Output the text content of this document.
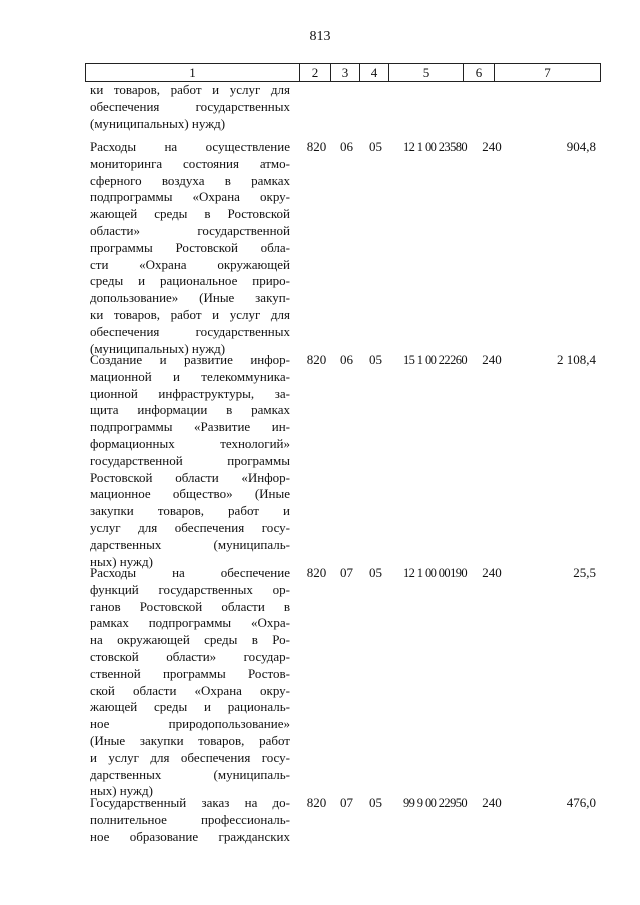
813
1	2	3	4	5	6	7
ки товаров, работ и услуг для
обеспечения государственных
(муниципальных) нужд)
Расходы на осуществление
мониторинга состояния атмо-
сферного воздуха в рамках
подпрограммы «Охрана окру-
жающей среды в Ростовской
области» государственной
программы Ростовской обла-
сти «Охрана окружающей
среды и рациональное приро-
допользование» (Иные закуп-
ки товаров, работ и услуг для
обеспечения государственных
(муниципальных) нужд)
820	06	05	12 1 00 23580	240	904,8
Создание и развитие инфор-
мационной и телекоммуника-
ционной инфраструктуры, за-
щита информации в рамках
подпрограммы «Развитие ин-
формационных технологий»
государственной программы
Ростовской области «Инфор-
мационное общество» (Иные
закупки товаров, работ и
услуг для обеспечения госу-
дарственных (муниципаль-
ных) нужд)
820	06	05	15 1 00 22260	240	2 108,4
Расходы на обеспечение
функций государственных ор-
ганов Ростовской области в
рамках подпрограммы «Охра-
на окружающей среды в Ро-
стовской области» государ-
ственной программы Ростов-
ской области «Охрана окру-
жающей среды и рациональ-
ное природопользование»
(Иные закупки товаров, работ
и услуг для обеспечения госу-
дарственных (муниципаль-
ных) нужд)
820	07	05	12 1 00 00190	240	25,5
Государственный заказ на до-
полнительное профессиональ-
ное образование гражданских
820	07	05	99 9 00 22950	240	476,0
